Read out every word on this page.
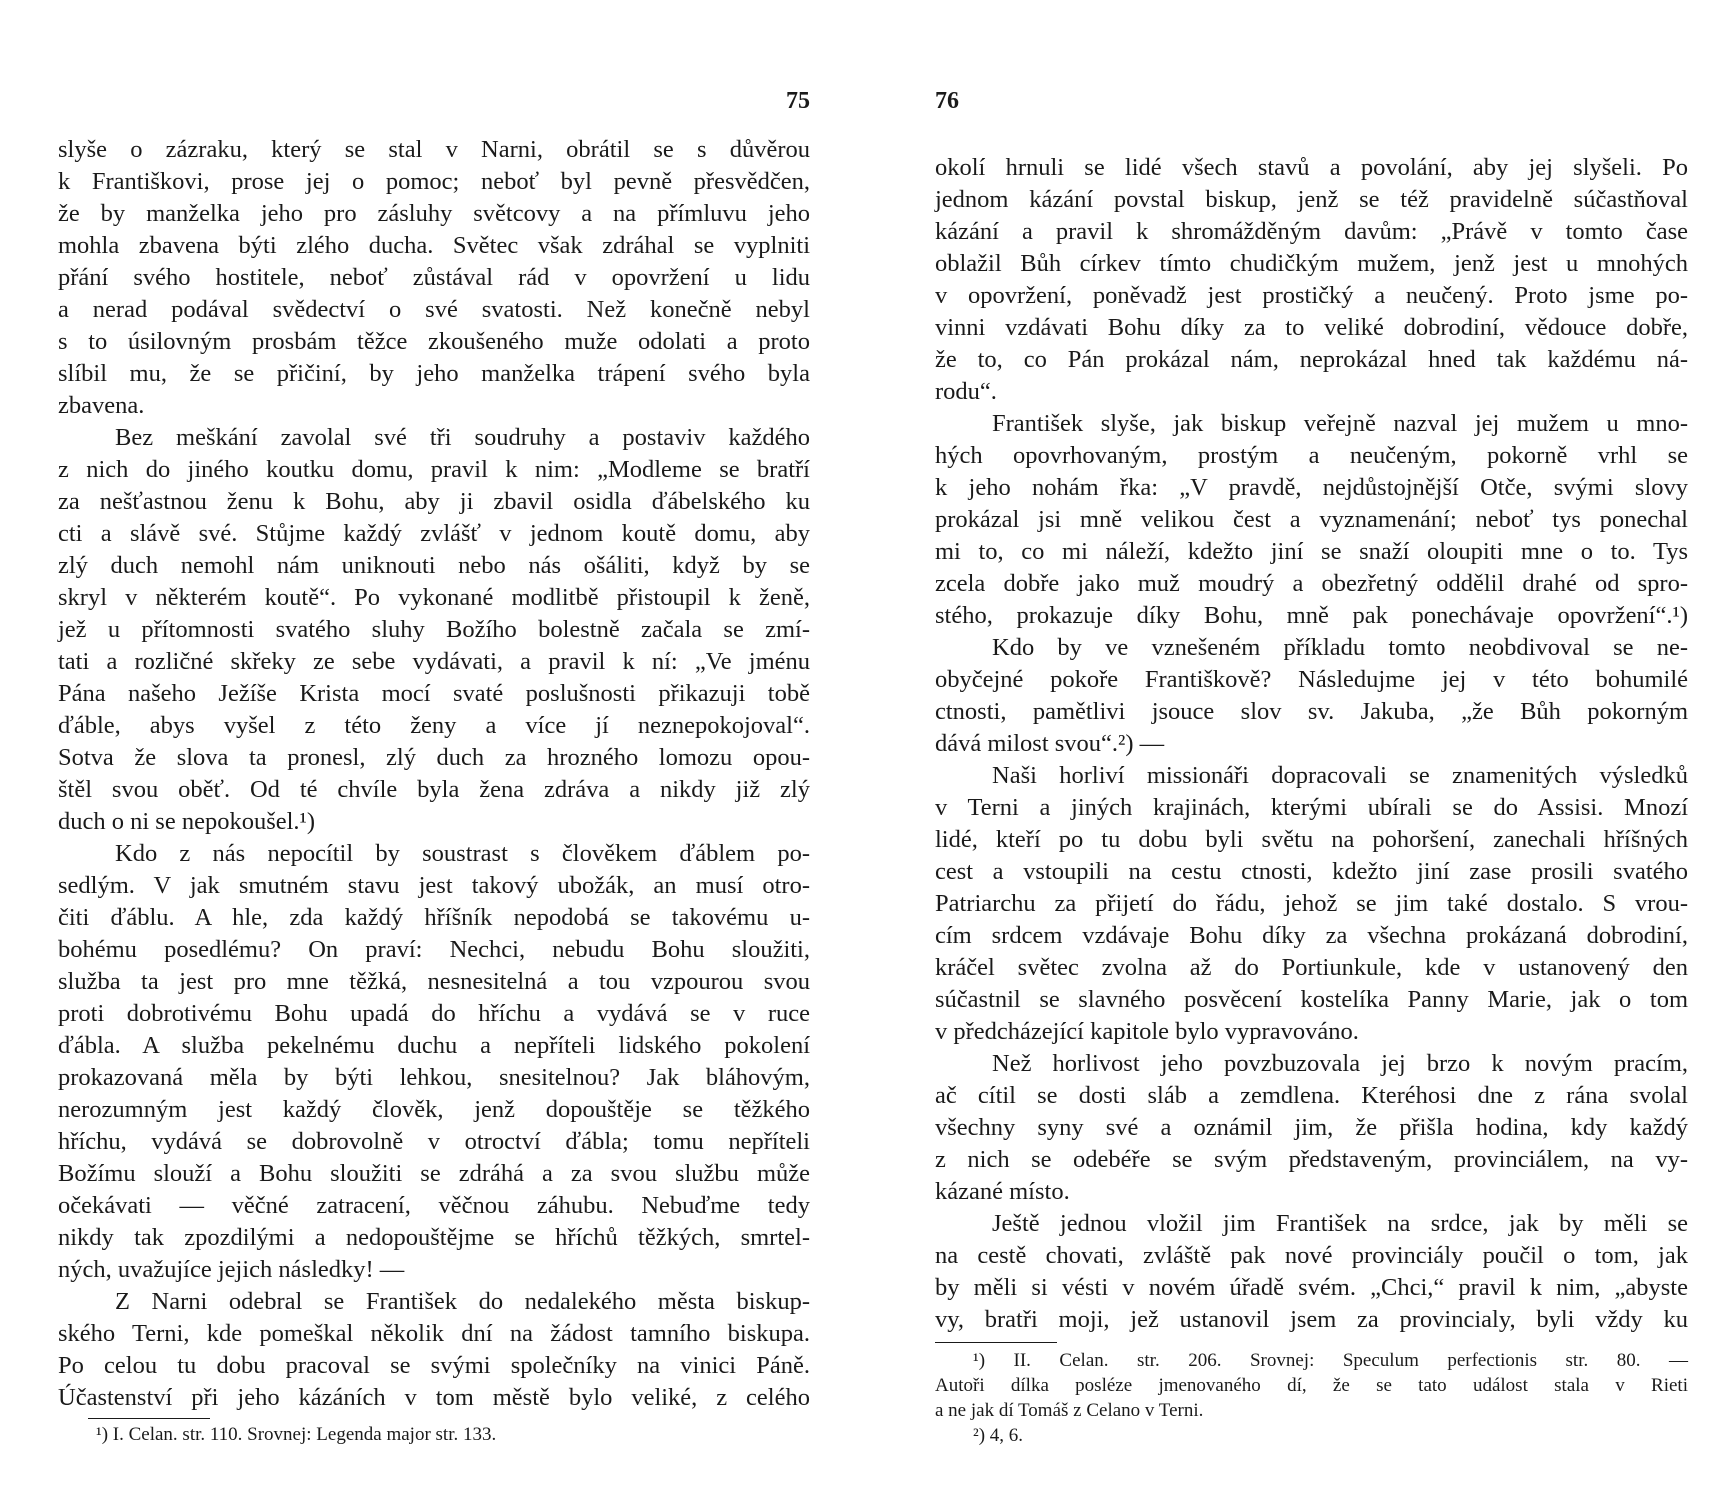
75
slyše o zázraku, který se stal v Narni, obrátil se s důvěrou
k Františkovi, prose jej o pomoc; neboť byl pevně přesvědčen,
že by manželka jeho pro zásluhy světcovy a na přímluvu jeho
mohla zbavena býti zlého ducha. Světec však zdráhal se vyplniti
přání svého hostitele, neboť zůstával rád v opovržení u lidu
a nerad podával svědectví o své svatosti. Než konečně nebyl
s to úsilovným prosbám těžce zkoušeného muže odolati a proto
slíbil mu, že se přičiní, by jeho manželka trápení svého byla
zbavena.
Bez meškání zavolal své tři soudruhy a postaviv každého
z nich do jiného koutku domu, pravil k nim: „Modleme se bratří
za nešťastnou ženu k Bohu, aby ji zbavil osidla ďábelského ku
cti a slávě své. Stůjme každý zvlášť v jednom koutě domu, aby
zlý duch nemohl nám uniknouti nebo nás ošáliti, když by se
skryl v některém koutě“. Po vykonané modlitbě přistoupil k ženě,
jež u přítomnosti svatého sluhy Božího bolestně začala se zmí-
tati a rozličné skřeky ze sebe vydávati, a pravil k ní: „Ve jménu
Pána našeho Ježíše Krista mocí svaté poslušnosti přikazuji tobě
ďáble, abys vyšel z této ženy a více jí neznepokojoval“.
Sotva že slova ta pronesl, zlý duch za hrozného lomozu opou-
štěl svou oběť. Od té chvíle byla žena zdráva a nikdy již zlý
duch o ni se nepokoušel.¹)
Kdo z nás nepocítil by soustrast s člověkem ďáblem po-
sedlým. V jak smutném stavu jest takový ubožák, an musí otro-
čiti ďáblu. A hle, zda každý hříšník nepodobá se takovému u-
bohému posedlému? On praví: Nechci, nebudu Bohu sloužiti,
služba ta jest pro mne těžká, nesnesitelná a tou vzpourou svou
proti dobrotivému Bohu upadá do hříchu a vydává se v ruce
ďábla. A služba pekelnému duchu a nepříteli lidského pokolení
prokazovaná měla by býti lehkou, snesitelnou? Jak bláhovým,
nerozumným jest každý člověk, jenž dopouštěje se těžkého
hříchu, vydává se dobrovolně v otroctví ďábla; tomu nepříteli
Božímu slouží a Bohu sloužiti se zdráhá a za svou službu může
očekávati — věčné zatracení, věčnou záhubu. Nebuďme tedy
nikdy tak zpozdilými a nedopouštějme se hříchů těžkých, smrtel-
ných, uvažujíce jejich následky! —
Z Narni odebral se František do nedalekého města biskup-
ského Terni, kde pomeškal několik dní na žádost tamního biskupa.
Po celou tu dobu pracoval se svými společníky na vinici Páně.
Účastenství při jeho kázáních v tom městě bylo veliké, z celého
¹) I. Celan. str. 110. Srovnej: Legenda major str. 133.
76
okolí hrnuli se lidé všech stavů a povolání, aby jej slyšeli. Po
jednom kázání povstal biskup, jenž se též pravidelně súčastňoval
kázání a pravil k shromážděným davům: „Právě v tomto čase
oblažil Bůh církev tímto chudičkým mužem, jenž jest u mnohých
v opovržení, poněvadž jest prostičký a neučený. Proto jsme po-
vinni vzdávati Bohu díky za to veliké dobrodiní, vědouce dobře,
že to, co Pán prokázal nám, neprokázal hned tak každému ná-
rodu“.
František slyše, jak biskup veřejně nazval jej mužem u mno-
hých opovrhovaným, prostým a neučeným, pokorně vrhl se
k jeho nohám řka: „V pravdě, nejdůstojnější Otče, svými slovy
prokázal jsi mně velikou čest a vyznamenání; neboť tys ponechal
mi to, co mi náleží, kdežto jiní se snaží oloupiti mne o to. Tys
zcela dobře jako muž moudrý a obezřetný oddělil drahé od spro-
stého, prokazuje díky Bohu, mně pak ponechávaje opovržení“.¹)
Kdo by ve vznešeném příkladu tomto neobdivoval se ne-
obyčejné pokoře Františkově? Následujme jej v této bohumilé
ctnosti, pamětlivi jsouce slov sv. Jakuba, „že Bůh pokorným
dává milost svou“.²) —
Naši horliví missionáři dopracovali se znamenitých výsledků
v Terni a jiných krajinách, kterými ubírali se do Assisi. Mnozí
lidé, kteří po tu dobu byli světu na pohoršení, zanechali hříšných
cest a vstoupili na cestu ctnosti, kdežto jiní zase prosili svatého
Patriarchu za přijetí do řádu, jehož se jim také dostalo. S vrou-
cím srdcem vzdávaje Bohu díky za všechna prokázaná dobrodiní,
kráčel světec zvolna až do Portiunkule, kde v ustanovený den
súčastnil se slavného posvěcení kostelíka Panny Marie, jak o tom
v předcházející kapitole bylo vypravováno.
Než horlivost jeho povzbuzovala jej brzo k novým pracím,
ač cítil se dosti sláb a zemdlena. Kteréhosi dne z rána svolal
všechny syny své a oznámil jim, že přišla hodina, kdy každý
z nich se odebéře se svým představeným, provinciálem, na vy-
kázané místo.
Ještě jednou vložil jim František na srdce, jak by měli se
na cestě chovati, zvláště pak nové provinciály poučil o tom, jak
by měli si vésti v novém úřadě svém. „Chci,“ pravil k nim, „abyste
vy, bratři moji, jež ustanovil jsem za provincialy, byli vždy ku
¹) II. Celan. str. 206. Srovnej: Speculum perfectionis str. 80. —
Autoři dílka posléze jmenovaného dí, že se tato událost stala v Rieti
a ne jak dí Tomáš z Celano v Terni.
²) 4, 6.
